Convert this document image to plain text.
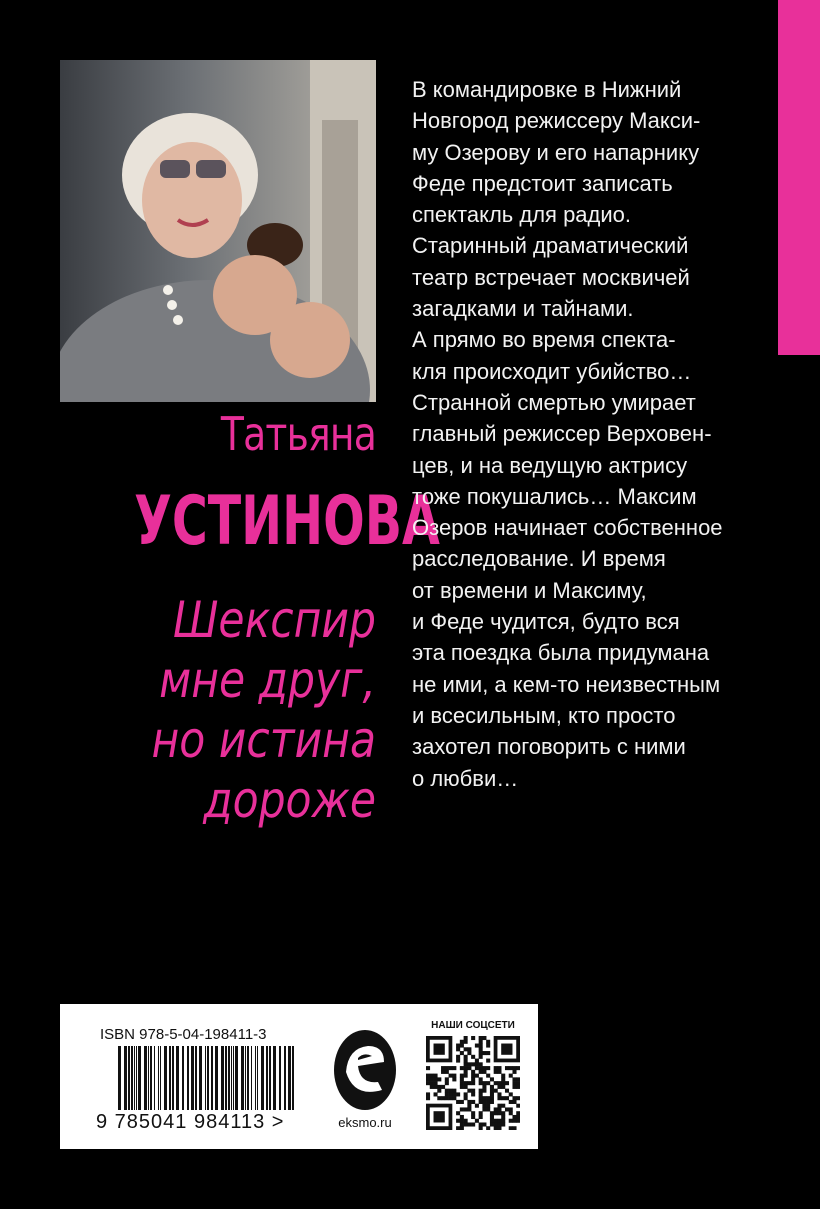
Татьяна
УСТИНОВА
Шекспир
мне друг,
но истина
дороже
В командировке в Нижний
Новгород режиссеру Макси-
му Озерову и его напарнику
Феде предстоит записать
спектакль для радио.
Старинный драматический
театр встречает москвичей
загадками и тайнами.
А прямо во время спекта-
кля происходит убийство…
Странной смертью умирает
главный режиссер Верховен-
цев, и на ведущую актрису
тоже покушались… Максим
Озеров начинает собственное
расследование. И время
от времени и Максиму,
и Феде чудится, будто вся
эта поездка была придумана
не ими, а кем-то неизвестным
и всесильным, кто просто
захотел поговорить с ними
о любви…
ISBN 978-5-04-198411-3
9 785041 984113 >	eksmo.ru
НАШИ СОЦСЕТИ
